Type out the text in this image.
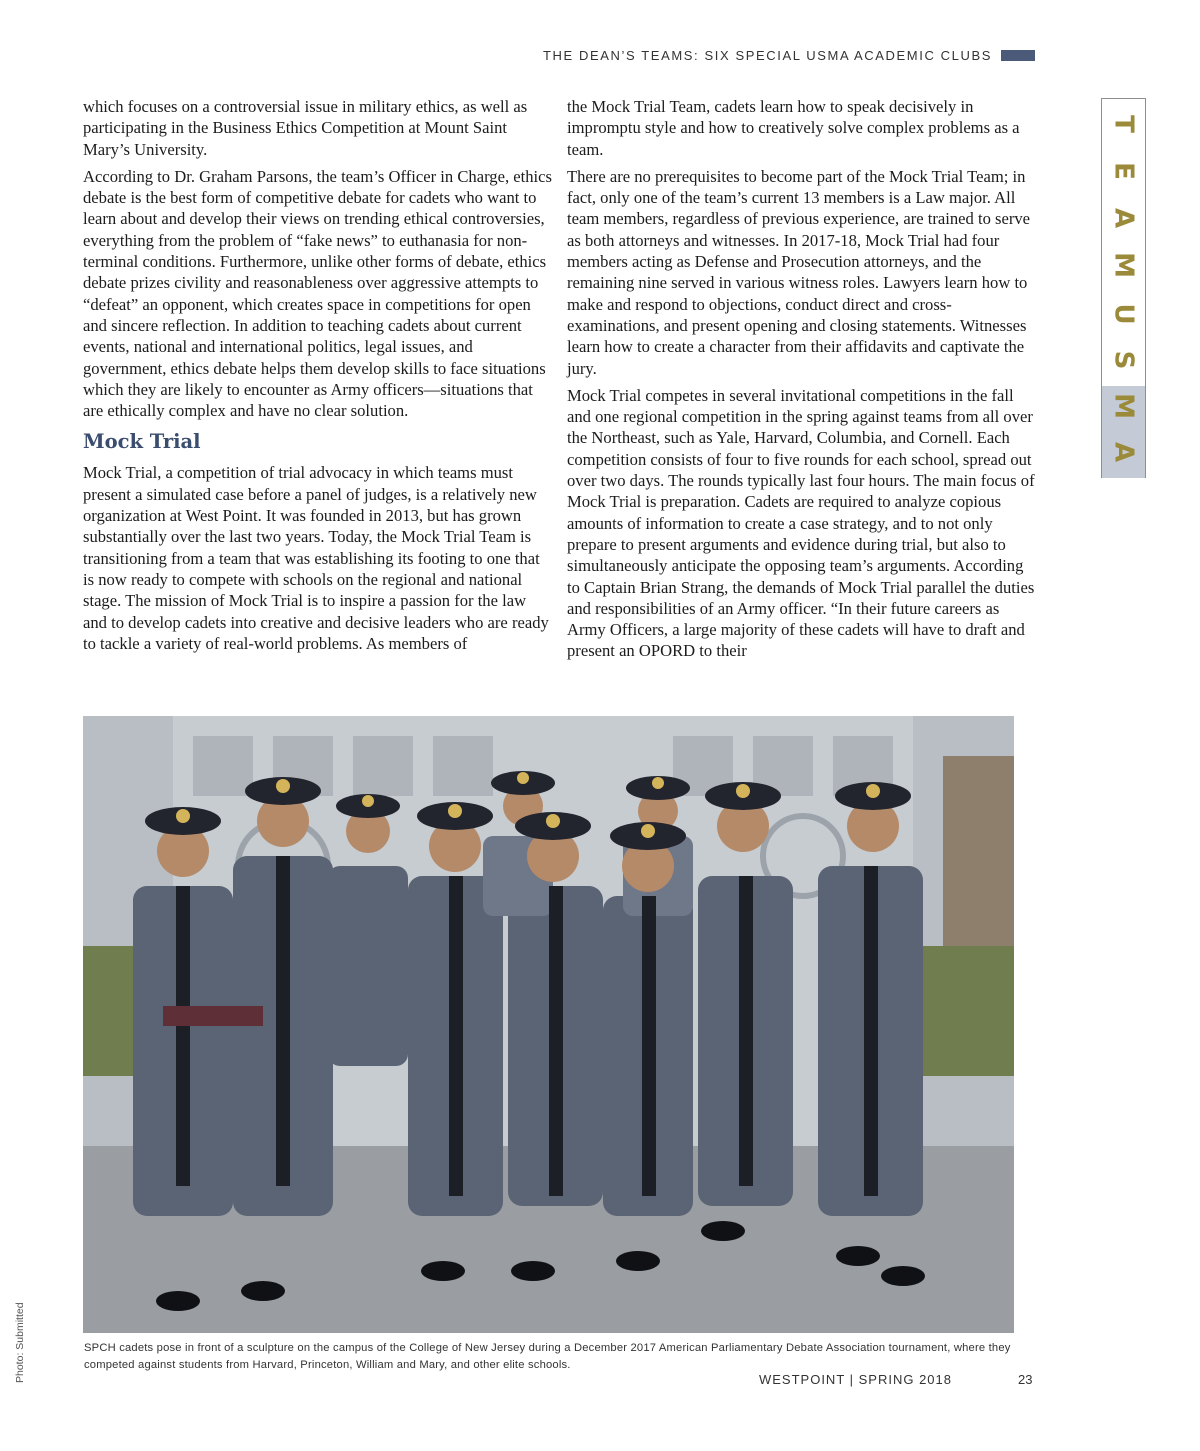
THE DEAN’S TEAMS: SIX SPECIAL USMA ACADEMIC CLUBS

which focuses on a controversial issue in military ethics, as well as participating in the Business Ethics Competition at Mount Saint Mary’s University.

According to Dr. Graham Parsons, the team’s Officer in Charge, ethics debate is the best form of competitive debate for cadets who want to learn about and develop their views on trending ethical controversies, everything from the problem of “fake news” to euthanasia for non-terminal conditions. Furthermore, unlike other forms of debate, ethics debate prizes civility and reasonableness over aggressive attempts to “defeat” an opponent, which creates space in competitions for open and sincere reflection. In addition to teaching cadets about current events, national and international politics, legal issues, and government, ethics debate helps them develop skills to face situations which they are likely to encounter as Army officers—situations that are ethically complex and have no clear solution.

Mock Trial

Mock Trial, a competition of trial advocacy in which teams must present a simulated case before a panel of judges, is a relatively new organization at West Point. It was founded in 2013, but has grown substantially over the last two years. Today, the Mock Trial Team is transitioning from a team that was establishing its footing to one that is now ready to compete with schools on the regional and national stage. The mission of Mock Trial is to inspire a passion for the law and to develop cadets into creative and decisive leaders who are ready to tackle a variety of real-world problems. As members of

the Mock Trial Team, cadets learn how to speak decisively in impromptu style and how to creatively solve complex problems as a team.

There are no prerequisites to become part of the Mock Trial Team; in fact, only one of the team’s current 13 members is a Law major. All team members, regardless of previous experience, are trained to serve as both attorneys and witnesses. In 2017-18, Mock Trial had four members acting as Defense and Prosecution attorneys, and the remaining nine served in various witness roles. Lawyers learn how to make and respond to objections, conduct direct and cross-examinations, and present opening and closing statements. Witnesses learn how to create a character from their affidavits and captivate the jury.

Mock Trial competes in several invitational competitions in the fall and one regional competition in the spring against teams from all over the Northeast, such as Yale, Harvard, Columbia, and Cornell. Each competition consists of four to five rounds for each school, spread out over two days. The rounds typically last four hours. The main focus of Mock Trial is preparation. Cadets are required to analyze copious amounts of information to create a case strategy, and to not only prepare to present arguments and evidence during trial, but also to simultaneously anticipate the opposing team’s arguments. According to Captain Brian Strang, the demands of Mock Trial parallel the duties and responsibilities of an Army officer. “In their future careers as Army Officers, a large majority of these cadets will have to draft and present an OPORD to their

T
E
A
M
U
S
M
A

SPCH cadets pose in front of a sculpture on the campus of the College of New Jersey during a December 2017 American Parliamentary Debate Association tournament, where they competed against students from Harvard, Princeton, William and Mary, and other elite schools.

Photo: Submitted	WESTPOINT | SPRING 2018	23
